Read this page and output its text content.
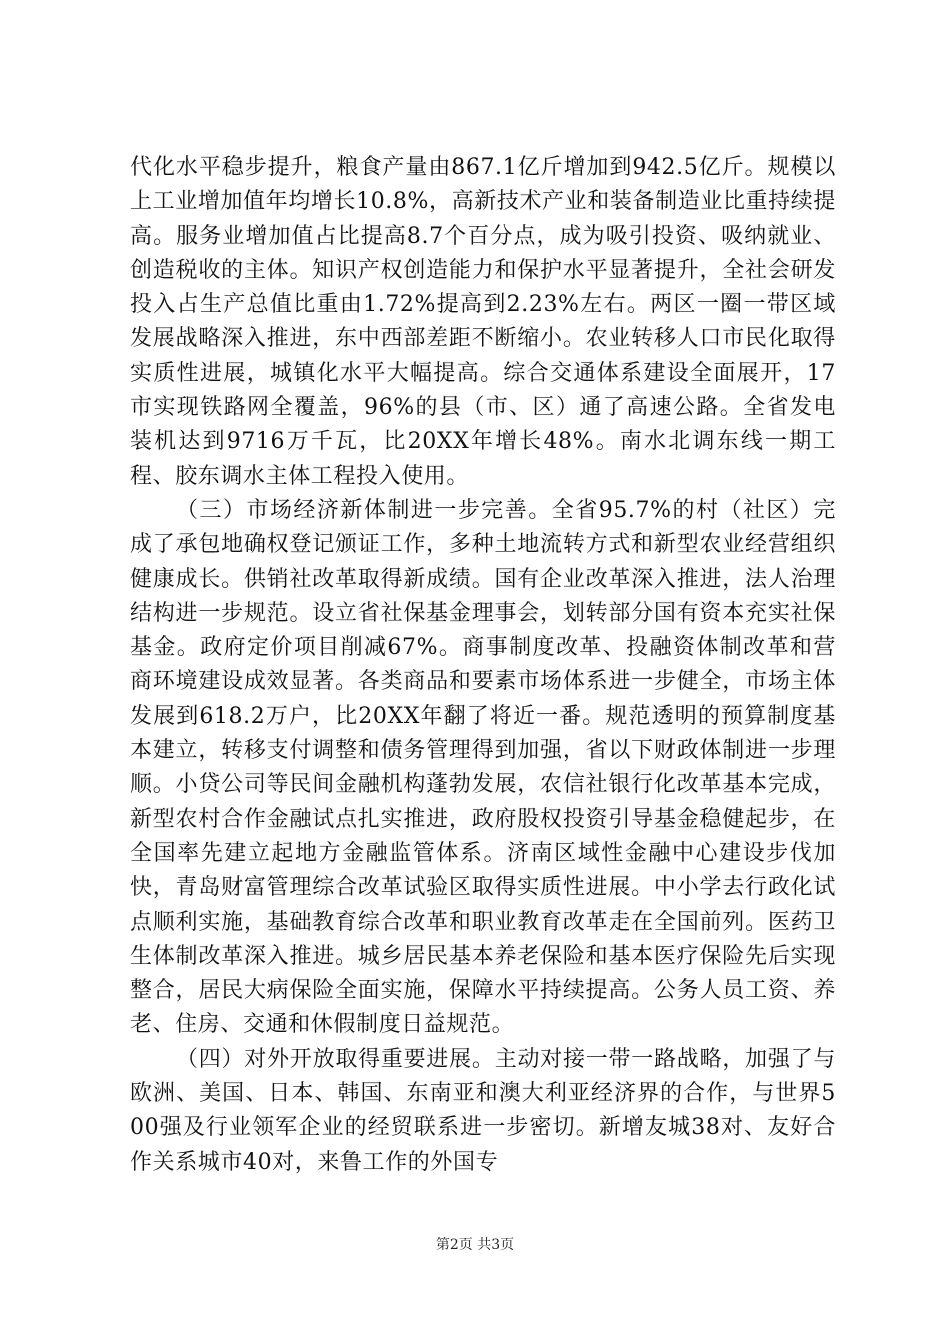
代化水平稳步提升，粮食产量由867.1亿斤增加到942.5亿斤。规模以上工业增加值年均增长10.8%，高新技术产业和装备制造业比重持续提高。服务业增加值占比提高8.7个百分点，成为吸引投资、吸纳就业、创造税收的主体。知识产权创造能力和保护水平显著提升，全社会研发投入占生产总值比重由1.72%提高到2.23%左右。两区一圈一带区域发展战略深入推进，东中西部差距不断缩小。农业转移人口市民化取得实质性进展，城镇化水平大幅提高。综合交通体系建设全面展开，17市实现铁路网全覆盖，96%的县（市、区）通了高速公路。全省发电装机达到9716万千瓦，比20XX年增长48%。南水北调东线一期工程、胶东调水主体工程投入使用。

（三）市场经济新体制进一步完善。全省95.7%的村（社区）完成了承包地确权登记颁证工作，多种土地流转方式和新型农业经营组织健康成长。供销社改革取得新成绩。国有企业改革深入推进，法人治理结构进一步规范。设立省社保基金理事会，划转部分国有资本充实社保基金。政府定价项目削减67%。商事制度改革、投融资体制改革和营商环境建设成效显著。各类商品和要素市场体系进一步健全，市场主体发展到618.2万户，比20XX年翻了将近一番。规范透明的预算制度基本建立，转移支付调整和债务管理得到加强，省以下财政体制进一步理顺。小贷公司等民间金融机构蓬勃发展，农信社银行化改革基本完成，新型农村合作金融试点扎实推进，政府股权投资引导基金稳健起步，在全国率先建立起地方金融监管体系。济南区域性金融中心建设步伐加快，青岛财富管理综合改革试验区取得实质性进展。中小学去行政化试点顺利实施，基础教育综合改革和职业教育改革走在全国前列。医药卫生体制改革深入推进。城乡居民基本养老保险和基本医疗保险先后实现整合，居民大病保险全面实施，保障水平持续提高。公务人员工资、养老、住房、交通和休假制度日益规范。

（四）对外开放取得重要进展。主动对接一带一路战略，加强了与欧洲、美国、日本、韩国、东南亚和澳大利亚经济界的合作，与世界500强及行业领军企业的经贸联系进一步密切。新增友城38对、友好合作关系城市40对，来鲁工作的外国专

第2页 共3页
